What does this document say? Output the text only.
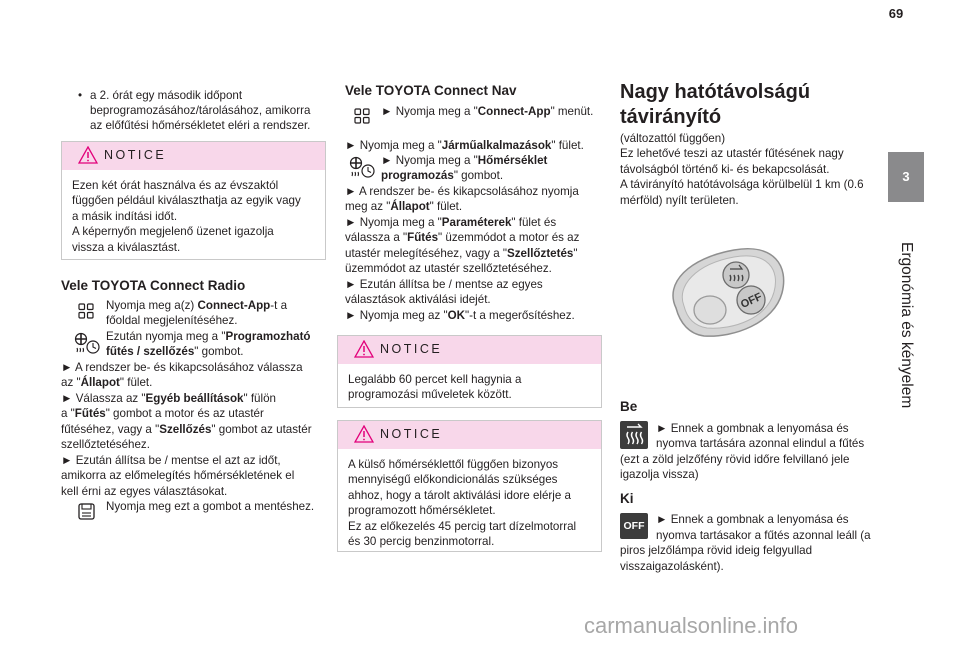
69
3
Ergonómia és kényelem
• a 2. órát egy második időpont
beprogramozásához/tárolásához, amikorra
az előfűtési hőmérsékletet eléri a rendszer.
NOTICE
Ezen két órát használva és az évszaktól
függően például kiválaszthatja az egyik vagy
a másik indítási időt.
A képernyőn megjelenő üzenet igazolja
vissza a kiválasztást.
Vele TOYOTA Connect Radio
Nyomja meg a(z) Connect-App-t a
főoldal megjelenítéséhez.
Ezután nyomja meg a "Programozható
fűtés / szellőzés" gombot.
► A rendszer be- és kikapcsolásához válassza
az "Állapot" fület.
► Válassza az "Egyéb beállítások" fülön
a "Fűtés" gombot a motor és az utastér
fűtéséhez, vagy a "Szellőzés" gombot az utastér
szellőztetéséhez.
► Ezután állítsa be / mentse el azt az időt,
amikorra az előmelegítés hőmérsékletének el
kell érni az egyes választásokat.
Nyomja meg ezt a gombot a mentéshez.
Vele TOYOTA Connect Nav
► Nyomja meg a "Connect-App" menüt.
► Nyomja meg a "Járműalkalmazások" fület.
► Nyomja meg a "Hőmérséklet
programozás" gombot.
► A rendszer be- és kikapcsolásához nyomja
meg az "Állapot" fület.
► Nyomja meg a "Paraméterek" fület és
válassza a "Fűtés" üzemmódot a motor és az
utastér melegítéséhez, vagy a "Szellőztetés"
üzemmódot az utastér szellőztetéséhez.
► Ezután állítsa be / mentse az egyes
választások aktiválási idejét.
► Nyomja meg az "OK"-t a megerősítéshez.
NOTICE
Legalább 60 percet kell hagynia a
programozási műveletek között.
NOTICE
A külső hőmérséklettől függően bizonyos
mennyiségű előkondicionálás szükséges
ahhoz, hogy a tárolt aktiválási idore elérje a
programozott hőmérsékletet.
Ez az előkezelés 45 percig tart dízelmotorral
és 30 percig benzinmotorral.
Nagy hatótávolságú
távirányító
(változattól függően)
Ez lehetővé teszi az utastér fűtésének nagy
távolságból történő ki- és bekapcsolását.
A távirányító hatótávolsága körülbelül 1 km (0.6
mérföld) nyílt területen.
OFF
Be
► Ennek a gombnak a lenyomása és
nyomva tartására azonnal elindul a fűtés
(ezt a zöld jelzőfény rövid időre felvillanó jele
igazolja vissza)
Ki
OFF ► Ennek a gombnak a lenyomása és
nyomva tartásakor a fűtés azonnal leáll (a
piros jelzőlámpa rövid ideig felgyullad
visszaigazolásként).
carmanualsonline.info
